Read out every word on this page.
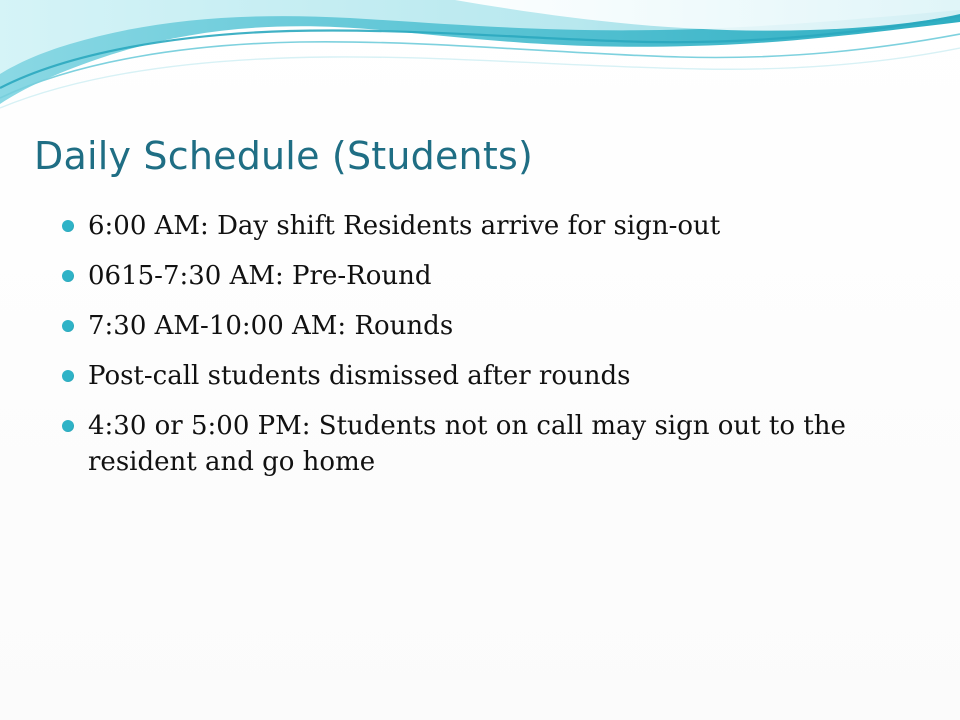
Daily Schedule (Students)
6:00 AM: Day shift Residents arrive for sign-out
0615-7:30 AM: Pre-Round
7:30 AM-10:00 AM: Rounds
Post-call students dismissed after rounds
4:30 or 5:00 PM: Students not on call may sign out to the resident and go home
